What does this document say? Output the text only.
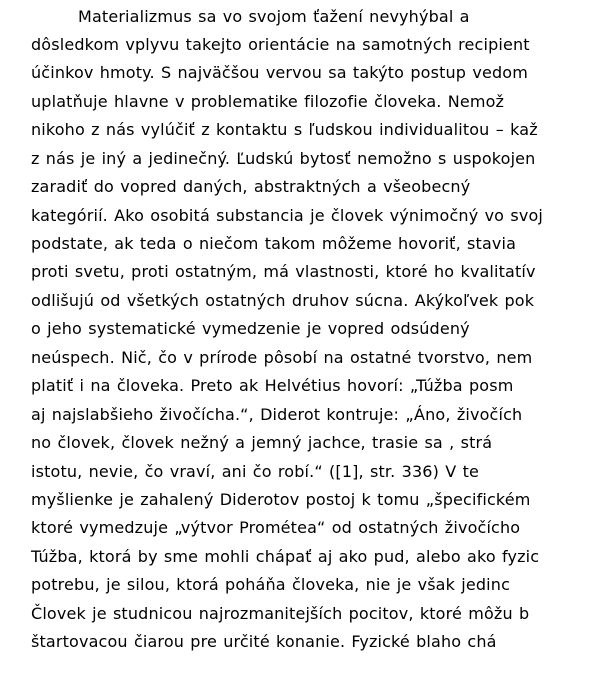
Materializmus sa vo svojom ťažení nevyhýbal a
dôsledkom vplyvu takejto orientácie na samotných recipient
účinkov hmoty. S najväčšou vervou sa takýto postup vedom
uplatňuje hlavne v problematike filozofie človeka. Nemož
nikoho z nás vylúčiť z kontaktu s ľudskou individualitou – kaž
z nás je iný a jedinečný. Ľudskú bytosť nemožno s uspokojen
zaradiť do vopred daných, abstraktných a všeobecný
kategórií. Ako osobitá substancia je človek výnimočný vo svoj
podstate, ak teda o niečom takom môžeme hovoriť, stavia
proti svetu, proti ostatným, má vlastnosti, ktoré ho kvalitatív
odlišujú od všetkých ostatných druhov súcna. Akýkoľvek pok
o jeho systematické vymedzenie je vopred odsúdený
neúspech. Nič, čo v prírode pôsobí na ostatné tvorstvo, nem
platiť i na človeka. Preto ak Helvétius hovorí: „Túžba posm
aj najslabšieho živočícha.“, Diderot kontruje: „Áno, živočích
no človek, človek nežný a jemný jachce, trasie sa , strá
istotu, nevie, čo vraví, ani čo robí.“ ([1], str. 336) V te
myšlienke je zahalený Diderotov postoj k tomu „špecifickém
ktoré vymedzuje „výtvor Prométea“ od ostatných živočícho
Túžba, ktorá by sme mohli chápať aj ako pud, alebo ako fyzic
potrebu, je silou, ktorá poháňa človeka, nie je však jedinc
Človek je studnicou najrozmanitejších pocitov, ktoré môžu b
štartovacou čiarou pre určité konanie. Fyzické blaho chá
